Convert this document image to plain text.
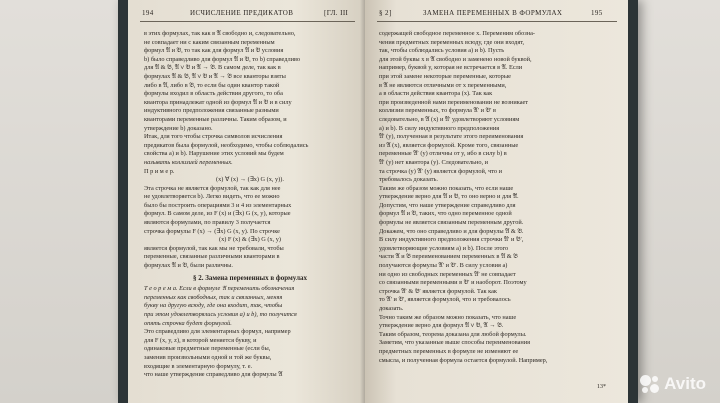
194	ИСЧИСЛЕНИЕ ПРЕДИКАТОВ	[ГЛ. III
в этих формулах, так как в 𝔄 свободно и, следовательно,
не совпадает ни с каким связанным переменным
формул 𝔄 и 𝔅, то так как для формул 𝔄 и 𝔅 условия
b) было справедливо для формул 𝔄 и 𝔅, то b) справедливо
для 𝔄 & 𝔅, 𝔄 ∨ 𝔅 и 𝔄 → 𝔅. В самом деле, так как в
формулах 𝔄 & 𝔅, 𝔄 ∨ 𝔅 и 𝔄 → 𝔅 все кванторы взяты
либо в 𝔄, либо в 𝔅, то если бы один квантор такой
формулы входил в область действия другого, то оба
квантора принадлежат одной из формул 𝔄 и 𝔅 и в силу
индуктивного предположения связанные разными
кванторами переменные различны. Таким образом, и
утверждение b) доказано.
Итак, для того чтобы строчка символов исчисления
предикатов была формулой, необходимо, чтобы соблюдались
свойства a) и b). Нарушение этих условий мы будем
называть коллизией переменных.
П р и м е р.
(x) ∀ (x) → (∃x) G (x, y)).
Эта строчка не является формулой, так как для нее
не удовлетворяется b). Легко видеть, что ее можно
было бы построить операциями 3 и 4 из элементарных
формул. В самом деле, из F (x) и (∃x) G (x, y), которые
являются формулами, по правилу 3 получается
строчка формулы F (x) → (∃x) G (x, y). По строчке
(x) F (x) & (∃x) G (x, y)
является формулой, так как мы не требовали, чтобы
переменные, связанные различными кванторами в
формулах 𝔄 и 𝔅, были различны.
§ 2. Замена переменных в формулах
Т е о р е м а. Если в формуле 𝔄 переменить обозначения
переменных как свободных, так и связанных, меняя
букву на другую всюду, где она входит, так, чтобы
при этом удовлетворялись условия a) и b), то получится
опять строчка будет формулой.
Это справедливо для элементарных формул, например
для F (x, y, z), в которой меняется букву, и
одинаковые предметные переменные (если бы,
заменив произвольными одной и той же буквы,
входящие в элементарную формулу, т. е.
что наше утверждение справедливо для формулы 𝔄
§ 2]	ЗАМЕНА ПЕРЕМЕННЫХ В ФОРМУЛАХ	195
содержащей свободное переменное x. Переменим обозна-
чения предметных переменных всюду, где они входят,
так, чтобы соблюдались условия a) и b). Пусть
для этой буквы x в 𝔄 свободно и заменено новой буквой,
например, буквой y, которая не встречается в 𝔄. Если
при этой замене некоторые переменные, которые
в 𝔄 не являются отличными от x переменными,
а в области действия квантора (x). Так как
при произведенной нами переименовании не возникает
коллизии переменных, то формула 𝔄′ и 𝔅′ в
следовательно, в 𝔄 (x) и 𝔄′ удовлетворяют условиям
a) и b). В силу индуктивного предположения
𝔄′ (y), полученная в результате этого переименования
из 𝔄 (x), является формулой. Кроме того, связанные
переменные 𝔄′ (y) отличны от y, ибо в силу b) в
𝔄′ (y) нет квантора (y). Следовательно, и
та строчка (y) 𝔄′ (y) является формулой, что и
требовалось доказать.
Таким же образом можно показать, что если наше
утверждение верно для 𝔄 и 𝔅, то оно верно и для 𝔄̄.
Допустим, что наше утверждение справедливо для
формул 𝔄 и 𝔅, таких, что одно переменное одной
формулы не является связанным переменным другой.
Докажем, что оно справедливо и для формулы 𝔄 & 𝔅.
В силу индуктивного предположения строчки 𝔄′ и 𝔅′,
удовлетворяющие условиям a) и b). После этого
части 𝔄 и 𝔅 переименованием переменных в 𝔄 & 𝔅
получаются формулы 𝔄′ и 𝔅′. В силу условия a)
ни одно из свободных переменных 𝔄′ не совпадает
со связанными переменными в 𝔅′ и наоборот. Поэтому
строчка 𝔄′ & 𝔅′ является формулой. Так как
то 𝔄′ и 𝔅′, является формулой, что и требовалось
доказать.
Точно таким же образом можно показать, что наше
утверждение верно для формул 𝔄 ∨ 𝔅, 𝔄 → 𝔅.
Таким образом, теорема доказана для любой формулы.
Заметим, что указанные выше способы переименования
предметных переменных в формуле не изменяют ее
смысла, и полученная формула остается формулой. Например,
13*	Avito
